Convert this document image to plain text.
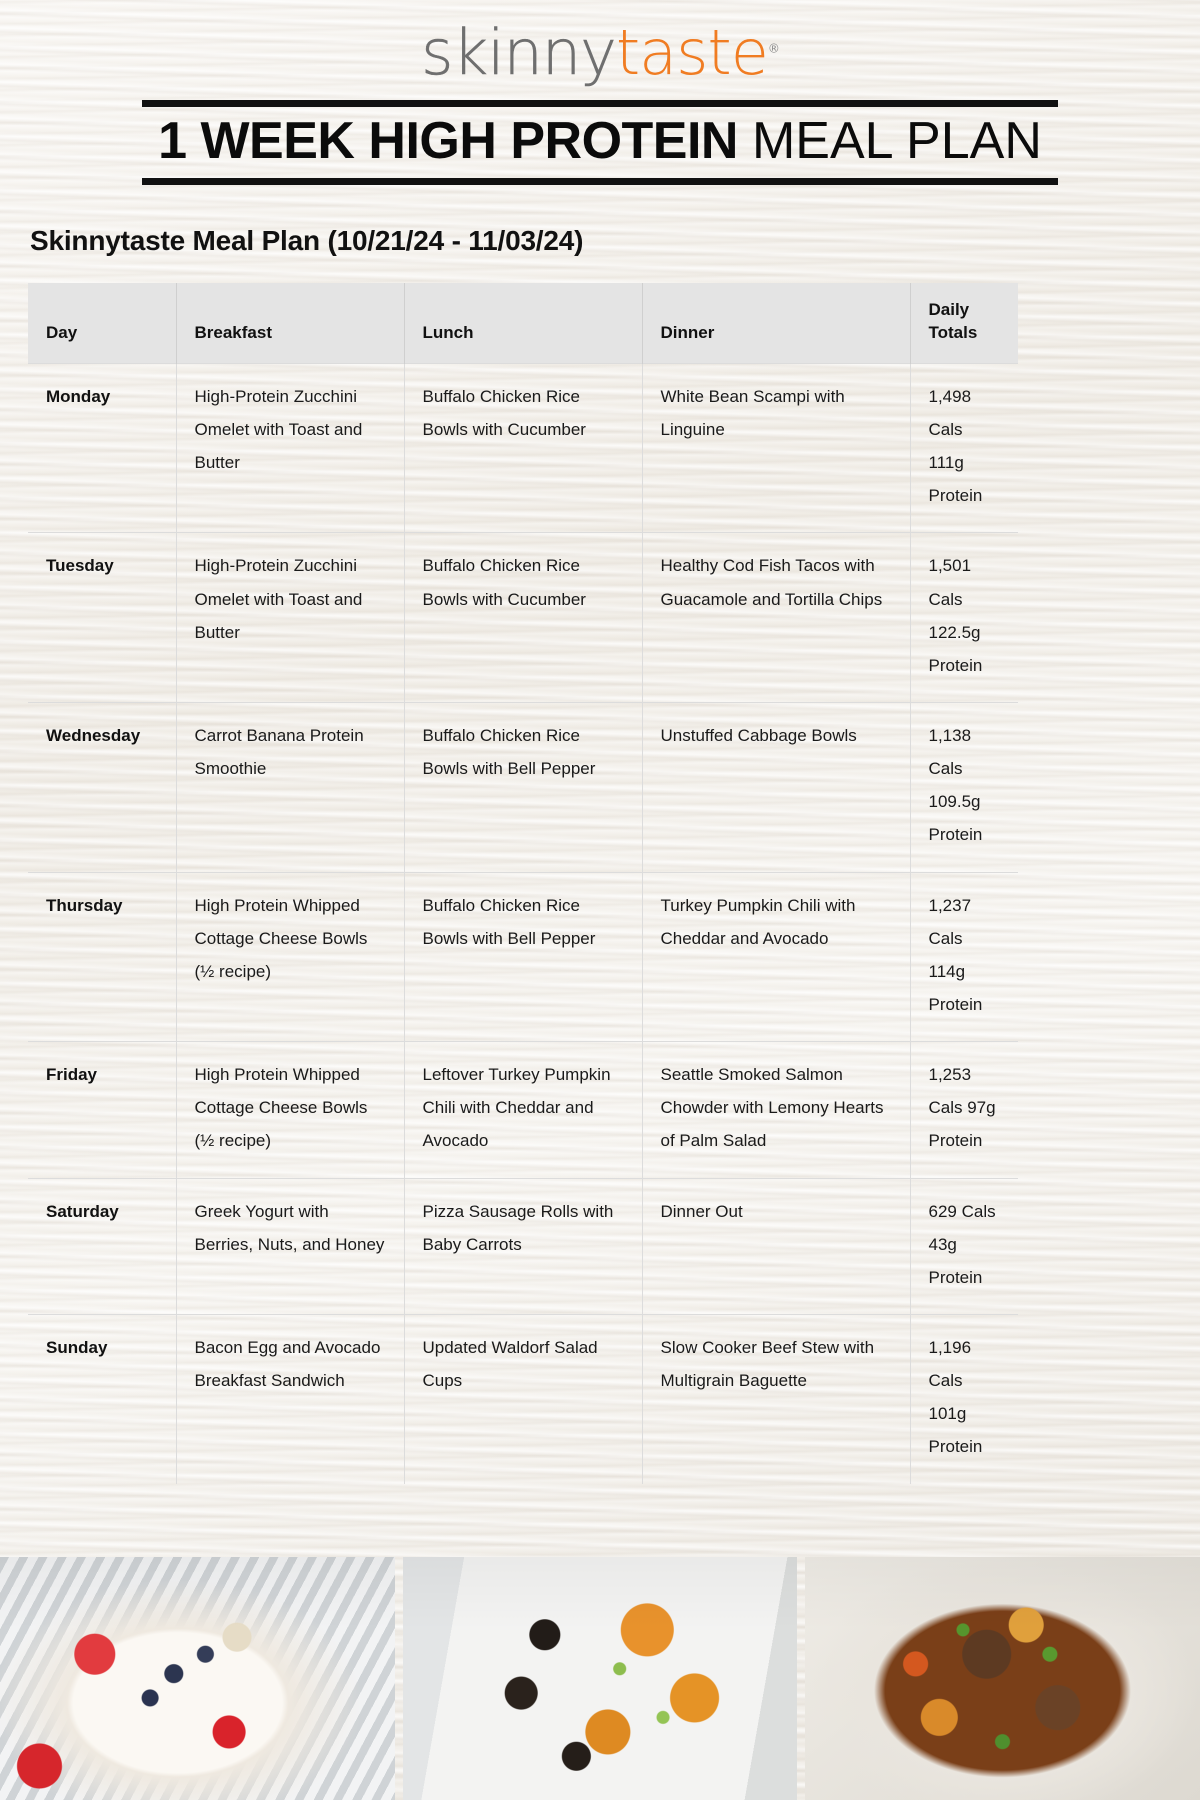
skinnytaste®
1 WEEK HIGH PROTEIN MEAL PLAN
Skinnytaste Meal Plan (10/21/24 - 11/03/24)
Day	Breakfast	Lunch	Dinner	Daily
Totals
Monday	High-Protein Zucchini Omelet with Toast and Butter	Buffalo Chicken Rice Bowls with Cucumber	White Bean Scampi with Linguine	1,498 Cals 111g Protein
Tuesday	High-Protein Zucchini Omelet with Toast and Butter	Buffalo Chicken Rice Bowls with Cucumber	Healthy Cod Fish Tacos with Guacamole and Tortilla Chips	1,501 Cals 122.5g Protein
Wednesday	Carrot Banana Protein Smoothie	Buffalo Chicken Rice Bowls with Bell Pepper	Unstuffed Cabbage Bowls	1,138 Cals 109.5g Protein
Thursday	High Protein Whipped Cottage Cheese Bowls (½ recipe)	Buffalo Chicken Rice Bowls with Bell Pepper	Turkey Pumpkin Chili with Cheddar and Avocado	1,237 Cals 114g Protein
Friday	High Protein Whipped Cottage Cheese Bowls (½ recipe)	Leftover Turkey Pumpkin Chili with Cheddar and Avocado	Seattle Smoked Salmon Chowder with Lemony Hearts of Palm Salad	1,253 Cals 97g Protein
Saturday	Greek Yogurt with Berries, Nuts, and Honey	Pizza Sausage Rolls with Baby Carrots	Dinner Out	629 Cals 43g Protein
Sunday	Bacon Egg and Avocado Breakfast Sandwich	Updated Waldorf Salad Cups	Slow Cooker Beef Stew with Multigrain Baguette	1,196 Cals 101g Protein
